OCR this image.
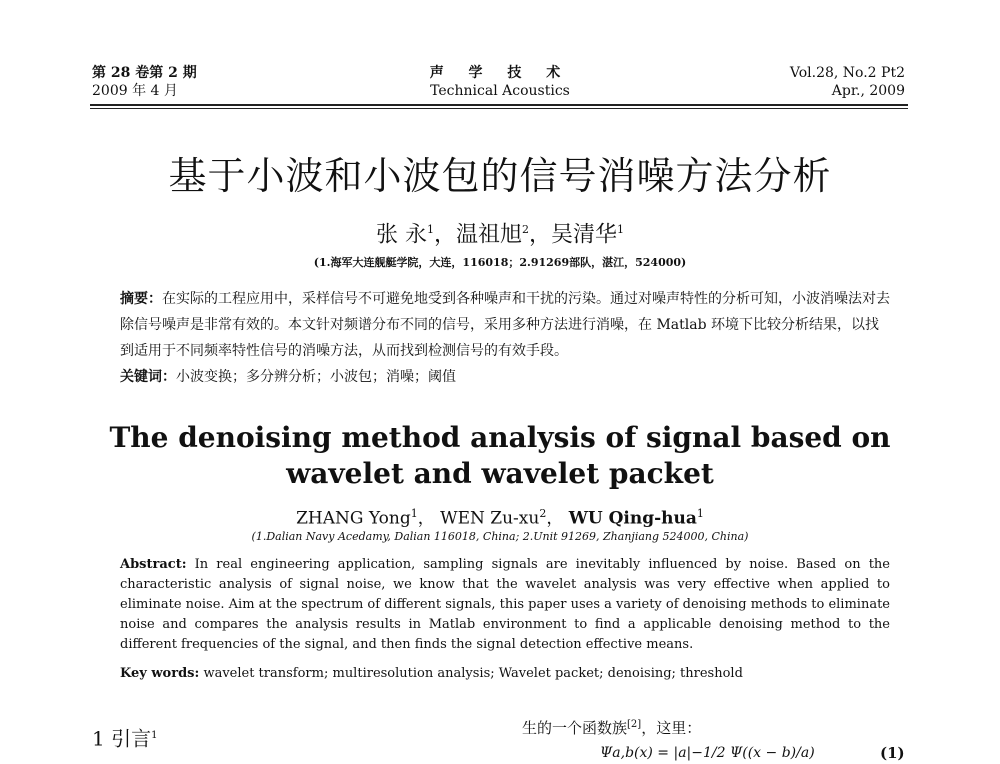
第 28 卷第 2 期
2009 年 4 月
声 学 技 术
Technical Acoustics
Vol.28, No.2 Pt2
Apr., 2009
基于小波和小波包的信号消噪方法分析
张 永$^1$，温祖旭$^2$，吴清华$^1$
(1.海军大连舰艇学院，大连，116018；2.91269部队，湛江，524000)
摘要：在实际的工程应用中，采样信号不可避免地受到各种噪声和干扰的污染。通过对噪声特性的分析可知，小波消噪法对去除信号噪声是非常有效的。本文针对频谱分布不同的信号，采用多种方法进行消噪，在 Matlab 环境下比较分析结果，以找到适用于不同频率特性信号的消噪方法，从而找到检测信号的有效手段。
关键词：小波变换；多分辨分析；小波包；消噪；阈值
The denoising method analysis of signal based on wavelet and wavelet packet
ZHANG Yong$^1$， WEN $Zu-xu^2$， WU Qing-hua$^1$
(1.Dalian Navy Acedamy, Dalian 116018, China; 2.Unit 91269, Zhanjiang 524000, China)
Abstract: In real engineering application, sampling signals are inevitably influenced by noise. Based on the characteristic analysis of signal noise, we know that the wavelet analysis was very effective when applied to eliminate noise. Aim at the spectrum of different signals, this paper uses a variety of denoising methods to eliminate noise and compares the analysis results in Matlab environment to find a applicable denoising method to the different frequencies of the signal, and then finds the signal detection effective means.
Key words: wavelet transform; multiresolution analysis; Wavelet packet; denoising; threshold
1 引言$^1$	生的一个函数族[2]，这里：
Ψa,b(x) = |a|−1/2 Ψ((x − b)/a)	(1)
